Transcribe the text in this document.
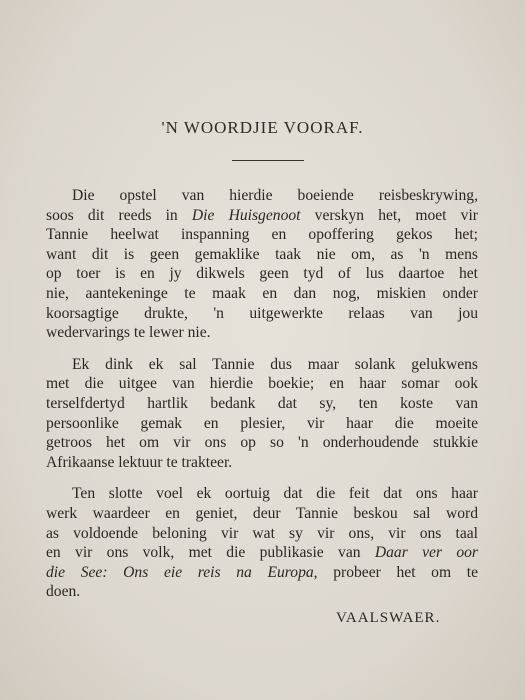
'N WOORDJIE VOORAF.

Die opstel van hierdie boeiende reisbeskrywing,
soos dit reeds in Die Huisgenoot verskyn het, moet vir
Tannie heelwat inspanning en opoffering gekos het;
want dit is geen gemaklike taak nie om, as 'n mens
op toer is en jy dikwels geen tyd of lus daartoe het
nie, aantekeninge te maak en dan nog, miskien onder
koorsagtige drukte, 'n uitgewerkte relaas van jou
wedervarings te lewer nie.

Ek dink ek sal Tannie dus maar solank gelukwens
met die uitgee van hierdie boekie; en haar somar ook
terselfdertyd hartlik bedank dat sy, ten koste van
persoonlike gemak en plesier, vir haar die moeite
getroos het om vir ons op so 'n onderhoudende stukkie
Afrikaanse lektuur te trakteer.

Ten slotte voel ek oortuig dat die feit dat ons haar
werk waardeer en geniet, deur Tannie beskou sal word
as voldoende beloning vir wat sy vir ons, vir ons taal
en vir ons volk, met die publikasie van Daar ver oor
die See: Ons eie reis na Europa, probeer het om te
doen.

VAALSWAER.
